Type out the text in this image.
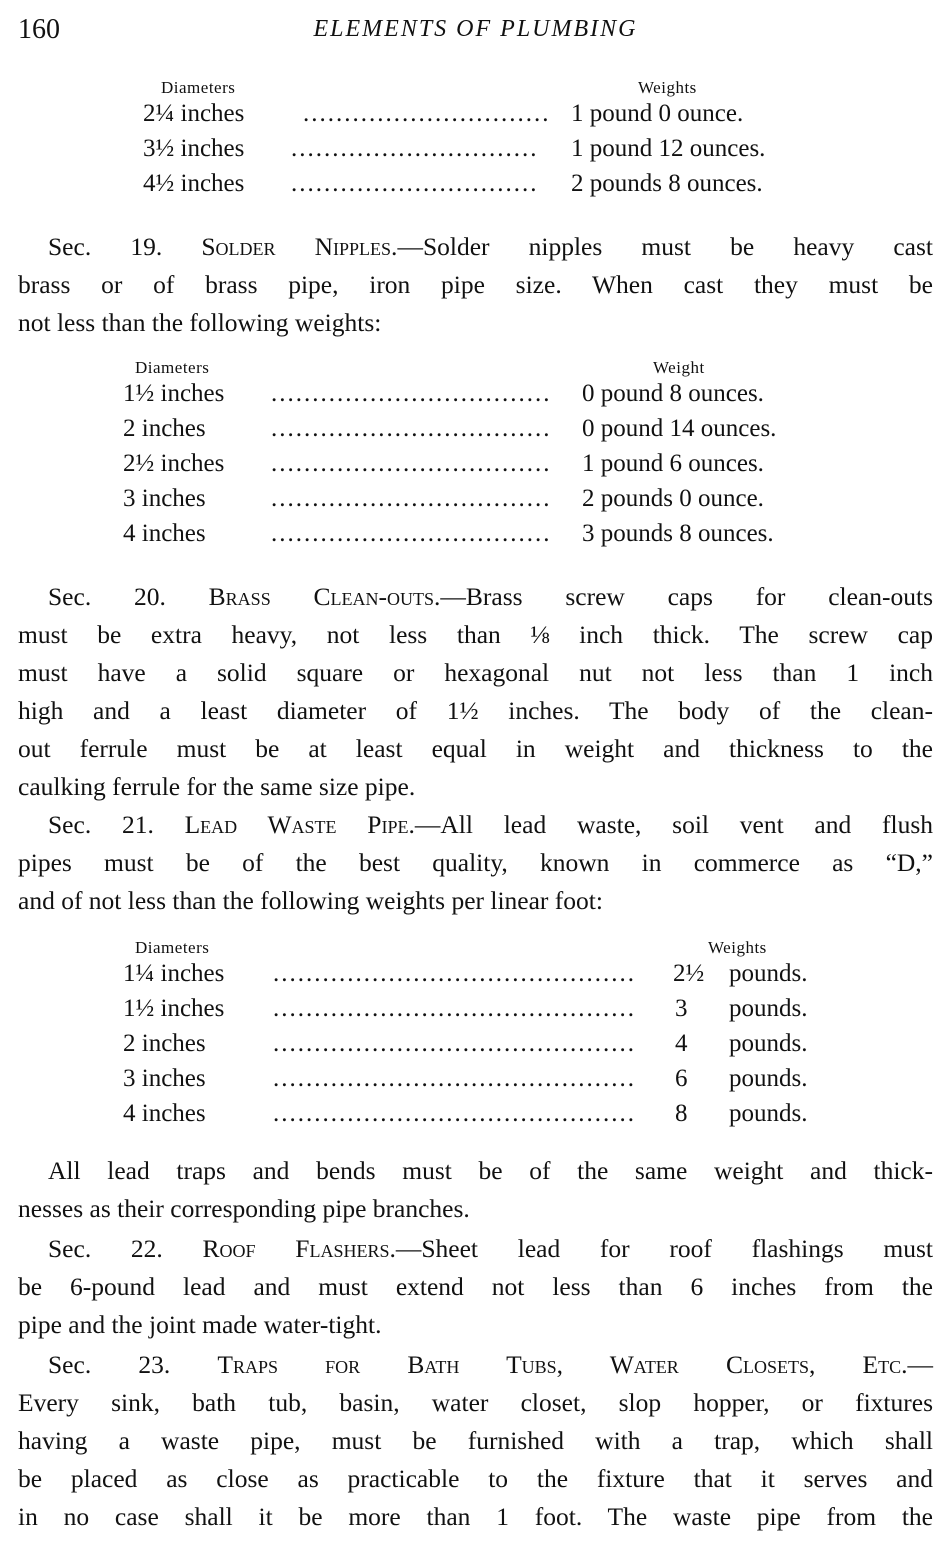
160	ELEMENTS OF PLUMBING
Diameters	Weights
2¼ inches .............................. 1 pound 0 ounce.
3½ inches ..............................	1 pound 12 ounces.
4½ inches ..............................	2 pounds 8 ounces.
Sec. 19. Solder Nipples.—Solder nipples must be heavy cast
brass or of brass pipe, iron pipe size. When cast they must be
not less than the following weights:
Diameters	Weight
1½ inches ..................................	0 pound 8 ounces.
2 inches	..................................	0 pound 14 ounces.
2½ inches ..................................	1 pound 6 ounces.
3 inches	..................................	2 pounds 0 ounce.
4 inches	..................................	3 pounds 8 ounces.
Sec. 20. Brass Clean-outs.—Brass screw caps for clean-outs
must be extra heavy, not less than ⅛ inch thick. The screw cap
must have a solid square or hexagonal nut not less than 1 inch
high and a least diameter of 1½ inches. The body of the clean-
out ferrule must be at least equal in weight and thickness to the
caulking ferrule for the same size pipe.
Sec. 21. Lead Waste Pipe.—All lead waste, soil vent and flush
pipes must be of the best quality, known in commerce as “D,”
and of not less than the following weights per linear foot:
Diameters	Weights
1¼ inches ............................................	2½ pounds.
1½ inches ............................................	3 pounds.
2 inches	............................................	4 pounds.
3 inches	............................................	6 pounds.
4 inches	............................................	8 pounds.
All lead traps and bends must be of the same weight and thick-
nesses as their corresponding pipe branches.
Sec. 22. Roof Flashers.—Sheet lead for roof flashings must
be 6-pound lead and must extend not less than 6 inches from the
pipe and the joint made water-tight.
Sec. 23. Traps for Bath Tubs, Water Closets, Etc.—
Every sink, bath tub, basin, water closet, slop hopper, or fixtures
having a waste pipe, must be furnished with a trap, which shall
be placed as close as practicable to the fixture that it serves and
in no case shall it be more than 1 foot. The waste pipe from the
